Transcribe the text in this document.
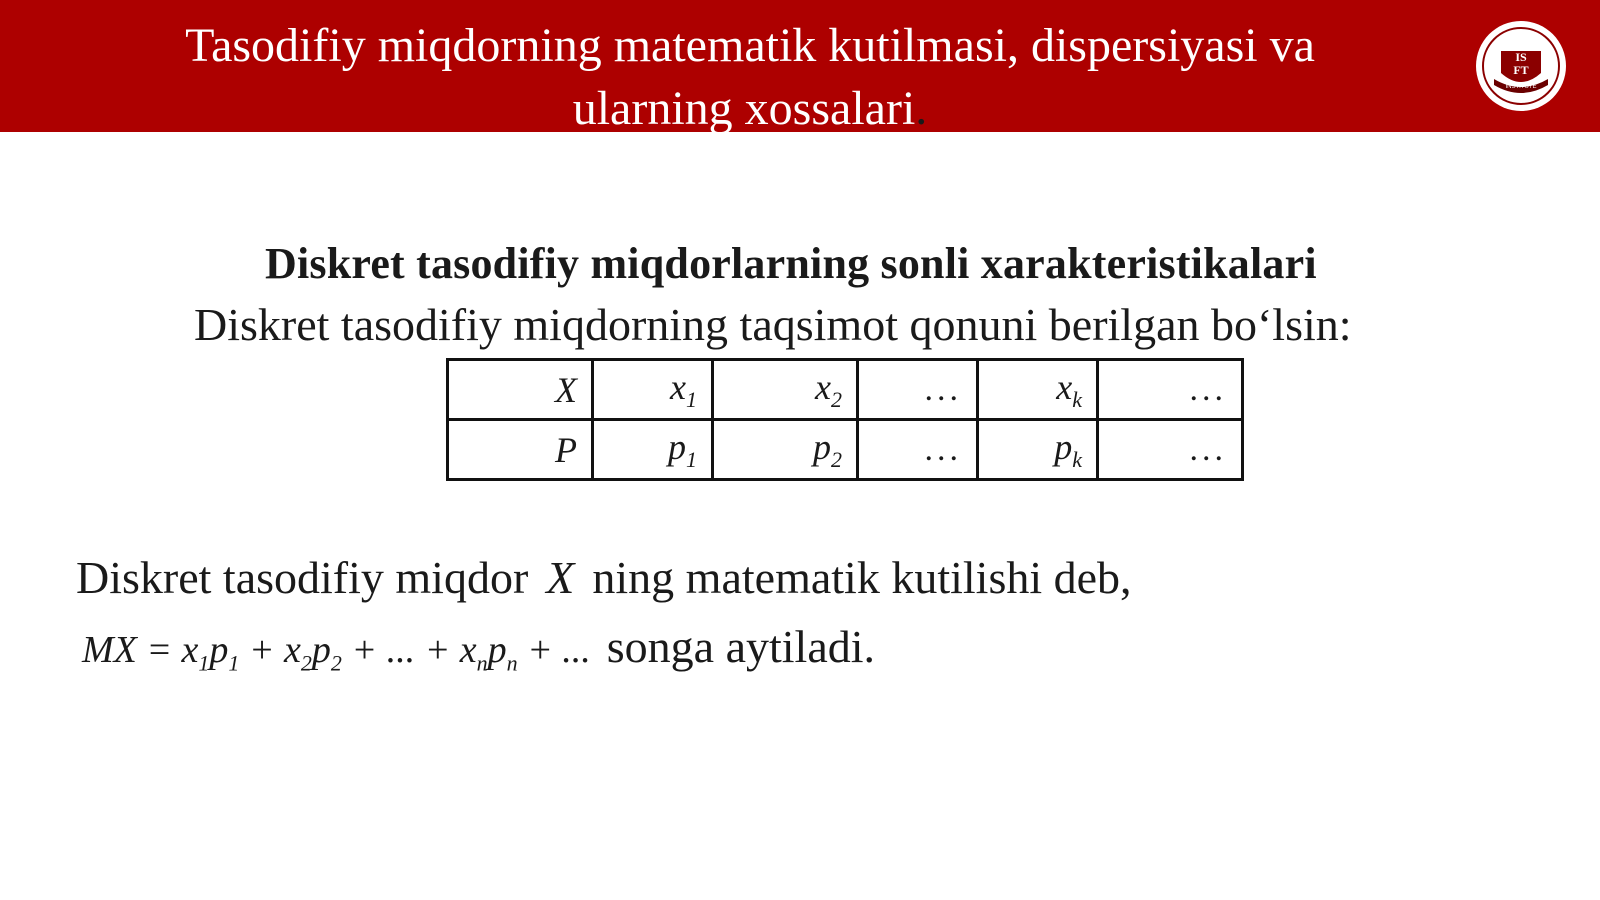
Tasodifiy miqdorning matematik kutilmasi, dispersiyasi va
ularning xossalari.
IS
FT
INSTITUTE
Diskret tasodifiy miqdorlarning sonli xarakteristikalari
Diskret tasodifiy miqdorning taqsimot qonuni berilgan bo‘lsin:
X	$x_1$	$x_2$	...	$x_k$	...
P	$p_1$	$p_2$	...	$p_k$	...
Diskret tasodifiy miqdor X ning matematik kutilishi deb,
MX = $x_1p_1 + x_2p_2$ + ... + $x_np_n$ + ... songa aytiladi.
